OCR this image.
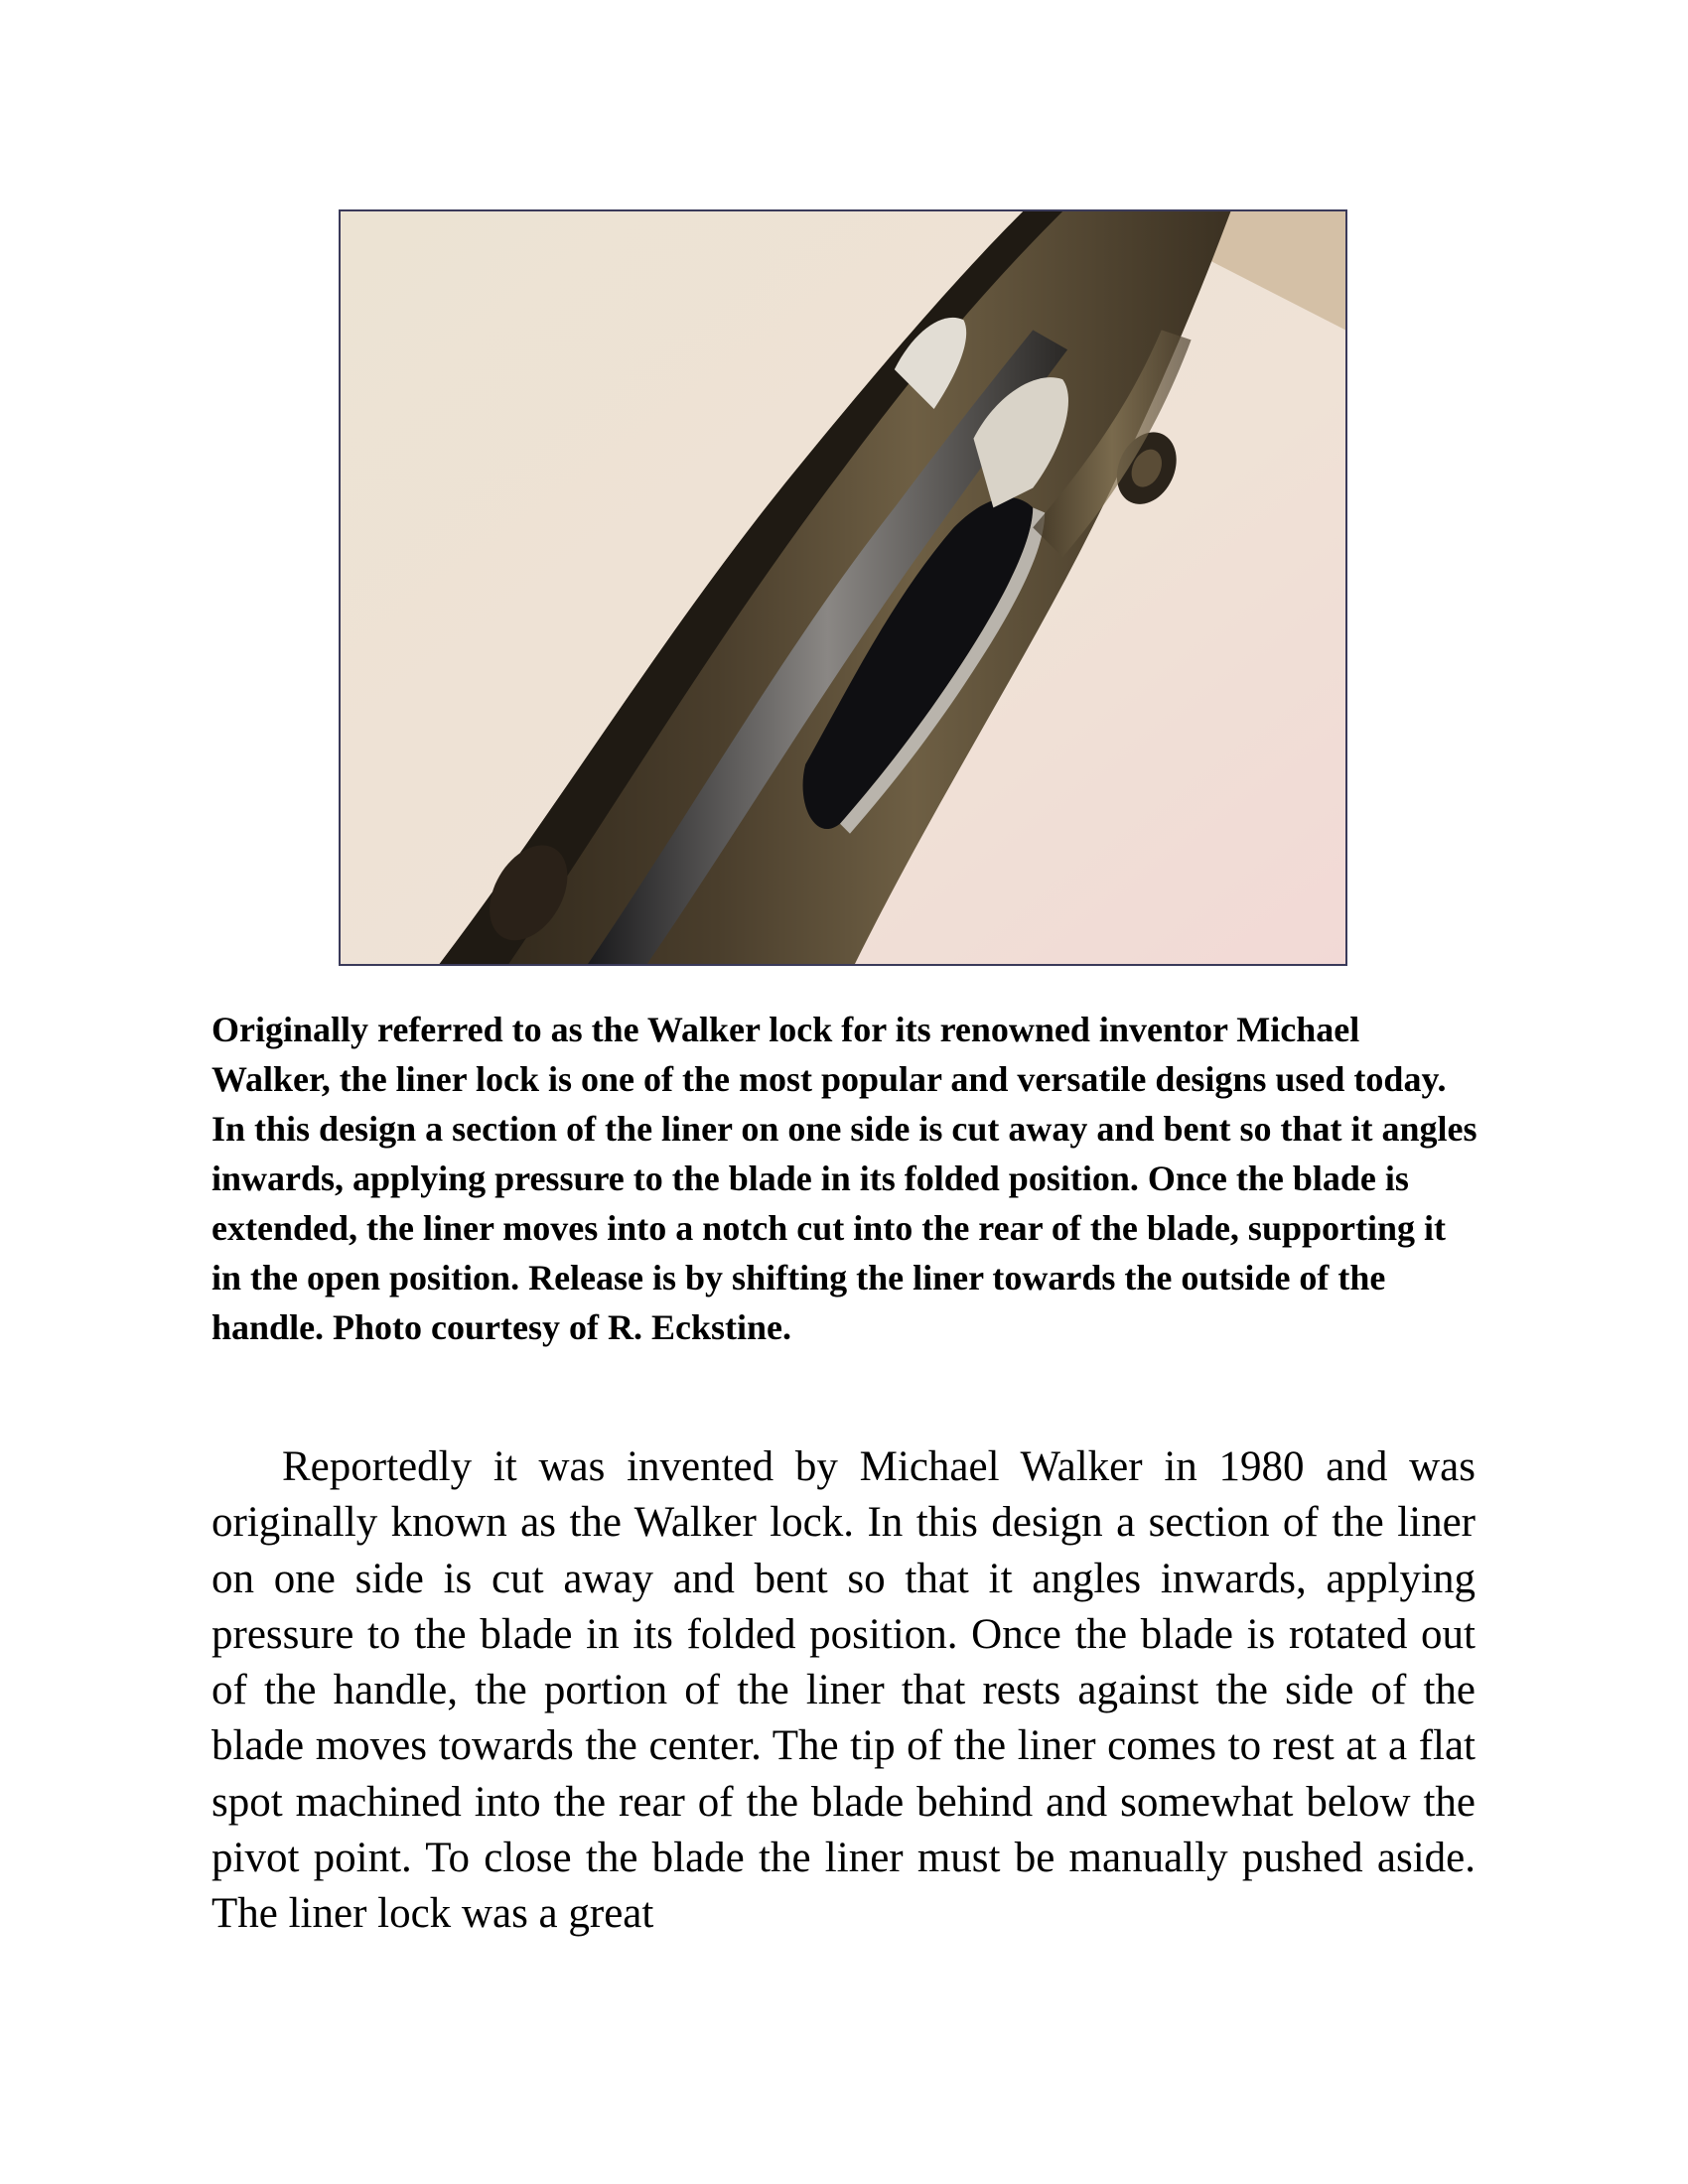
Originally referred to as the Walker lock for its renowned inventor Michael Walker, the liner lock is one of the most popular and versatile designs used today. In this design a section of the liner on one side is cut away and bent so that it angles inwards, applying pressure to the blade in its folded position. Once the blade is extended, the liner moves into a notch cut into the rear of the blade, supporting it in the open position. Release is by shifting the liner towards the outside of the handle. Photo courtesy of R. Eckstine.

Reportedly it was invented by Michael Walker in 1980 and was originally known as the Walker lock. In this design a section of the liner on one side is cut away and bent so that it angles inwards, applying pressure to the blade in its folded position. Once the blade is rotated out of the handle, the portion of the liner that rests against the side of the blade moves towards the center. The tip of the liner comes to rest at a flat spot machined into the rear of the blade behind and somewhat below the pivot point. To close the blade the liner must be manually pushed aside. The liner lock was a great
